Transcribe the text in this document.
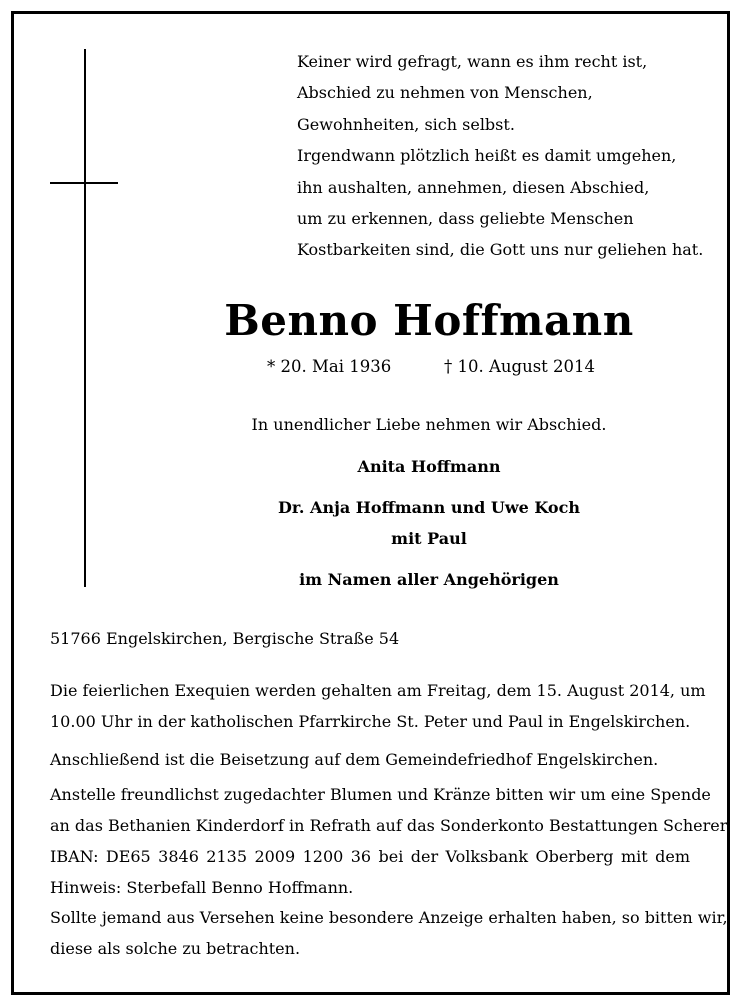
Keiner wird gefragt, wann es ihm recht ist,
Abschied zu nehmen von Menschen,
Gewohnheiten, sich selbst.
Irgendwann plötzlich heißt es damit umgehen,
ihn aushalten, annehmen, diesen Abschied,
um zu erkennen, dass geliebte Menschen
Kostbarkeiten sind, die Gott uns nur geliehen hat.
Benno Hoffmann
* 20. Mai 1936	† 10. August 2014
In unendlicher Liebe nehmen wir Abschied.
Anita Hoffmann
Dr. Anja Hoffmann und Uwe Koch
mit Paul
im Namen aller Angehörigen
51766 Engelskirchen, Bergische Straße 54
Die feierlichen Exequien werden gehalten am Freitag, dem 15. August 2014, um
10.00 Uhr in der katholischen Pfarrkirche St. Peter und Paul in Engelskirchen.
Anschließend ist die Beisetzung auf dem Gemeindefriedhof Engelskirchen.
Anstelle freundlichst zugedachter Blumen und Kränze bitten wir um eine Spende
an das Bethanien Kinderdorf in Refrath auf das Sonderkonto Bestattungen Scherer
IBAN: DE65 3846 2135 2009 1200 36 bei der Volksbank Oberberg mit dem
Hinweis: Sterbefall Benno Hoffmann.
Sollte jemand aus Versehen keine besondere Anzeige erhalten haben, so bitten wir,
diese als solche zu betrachten.
